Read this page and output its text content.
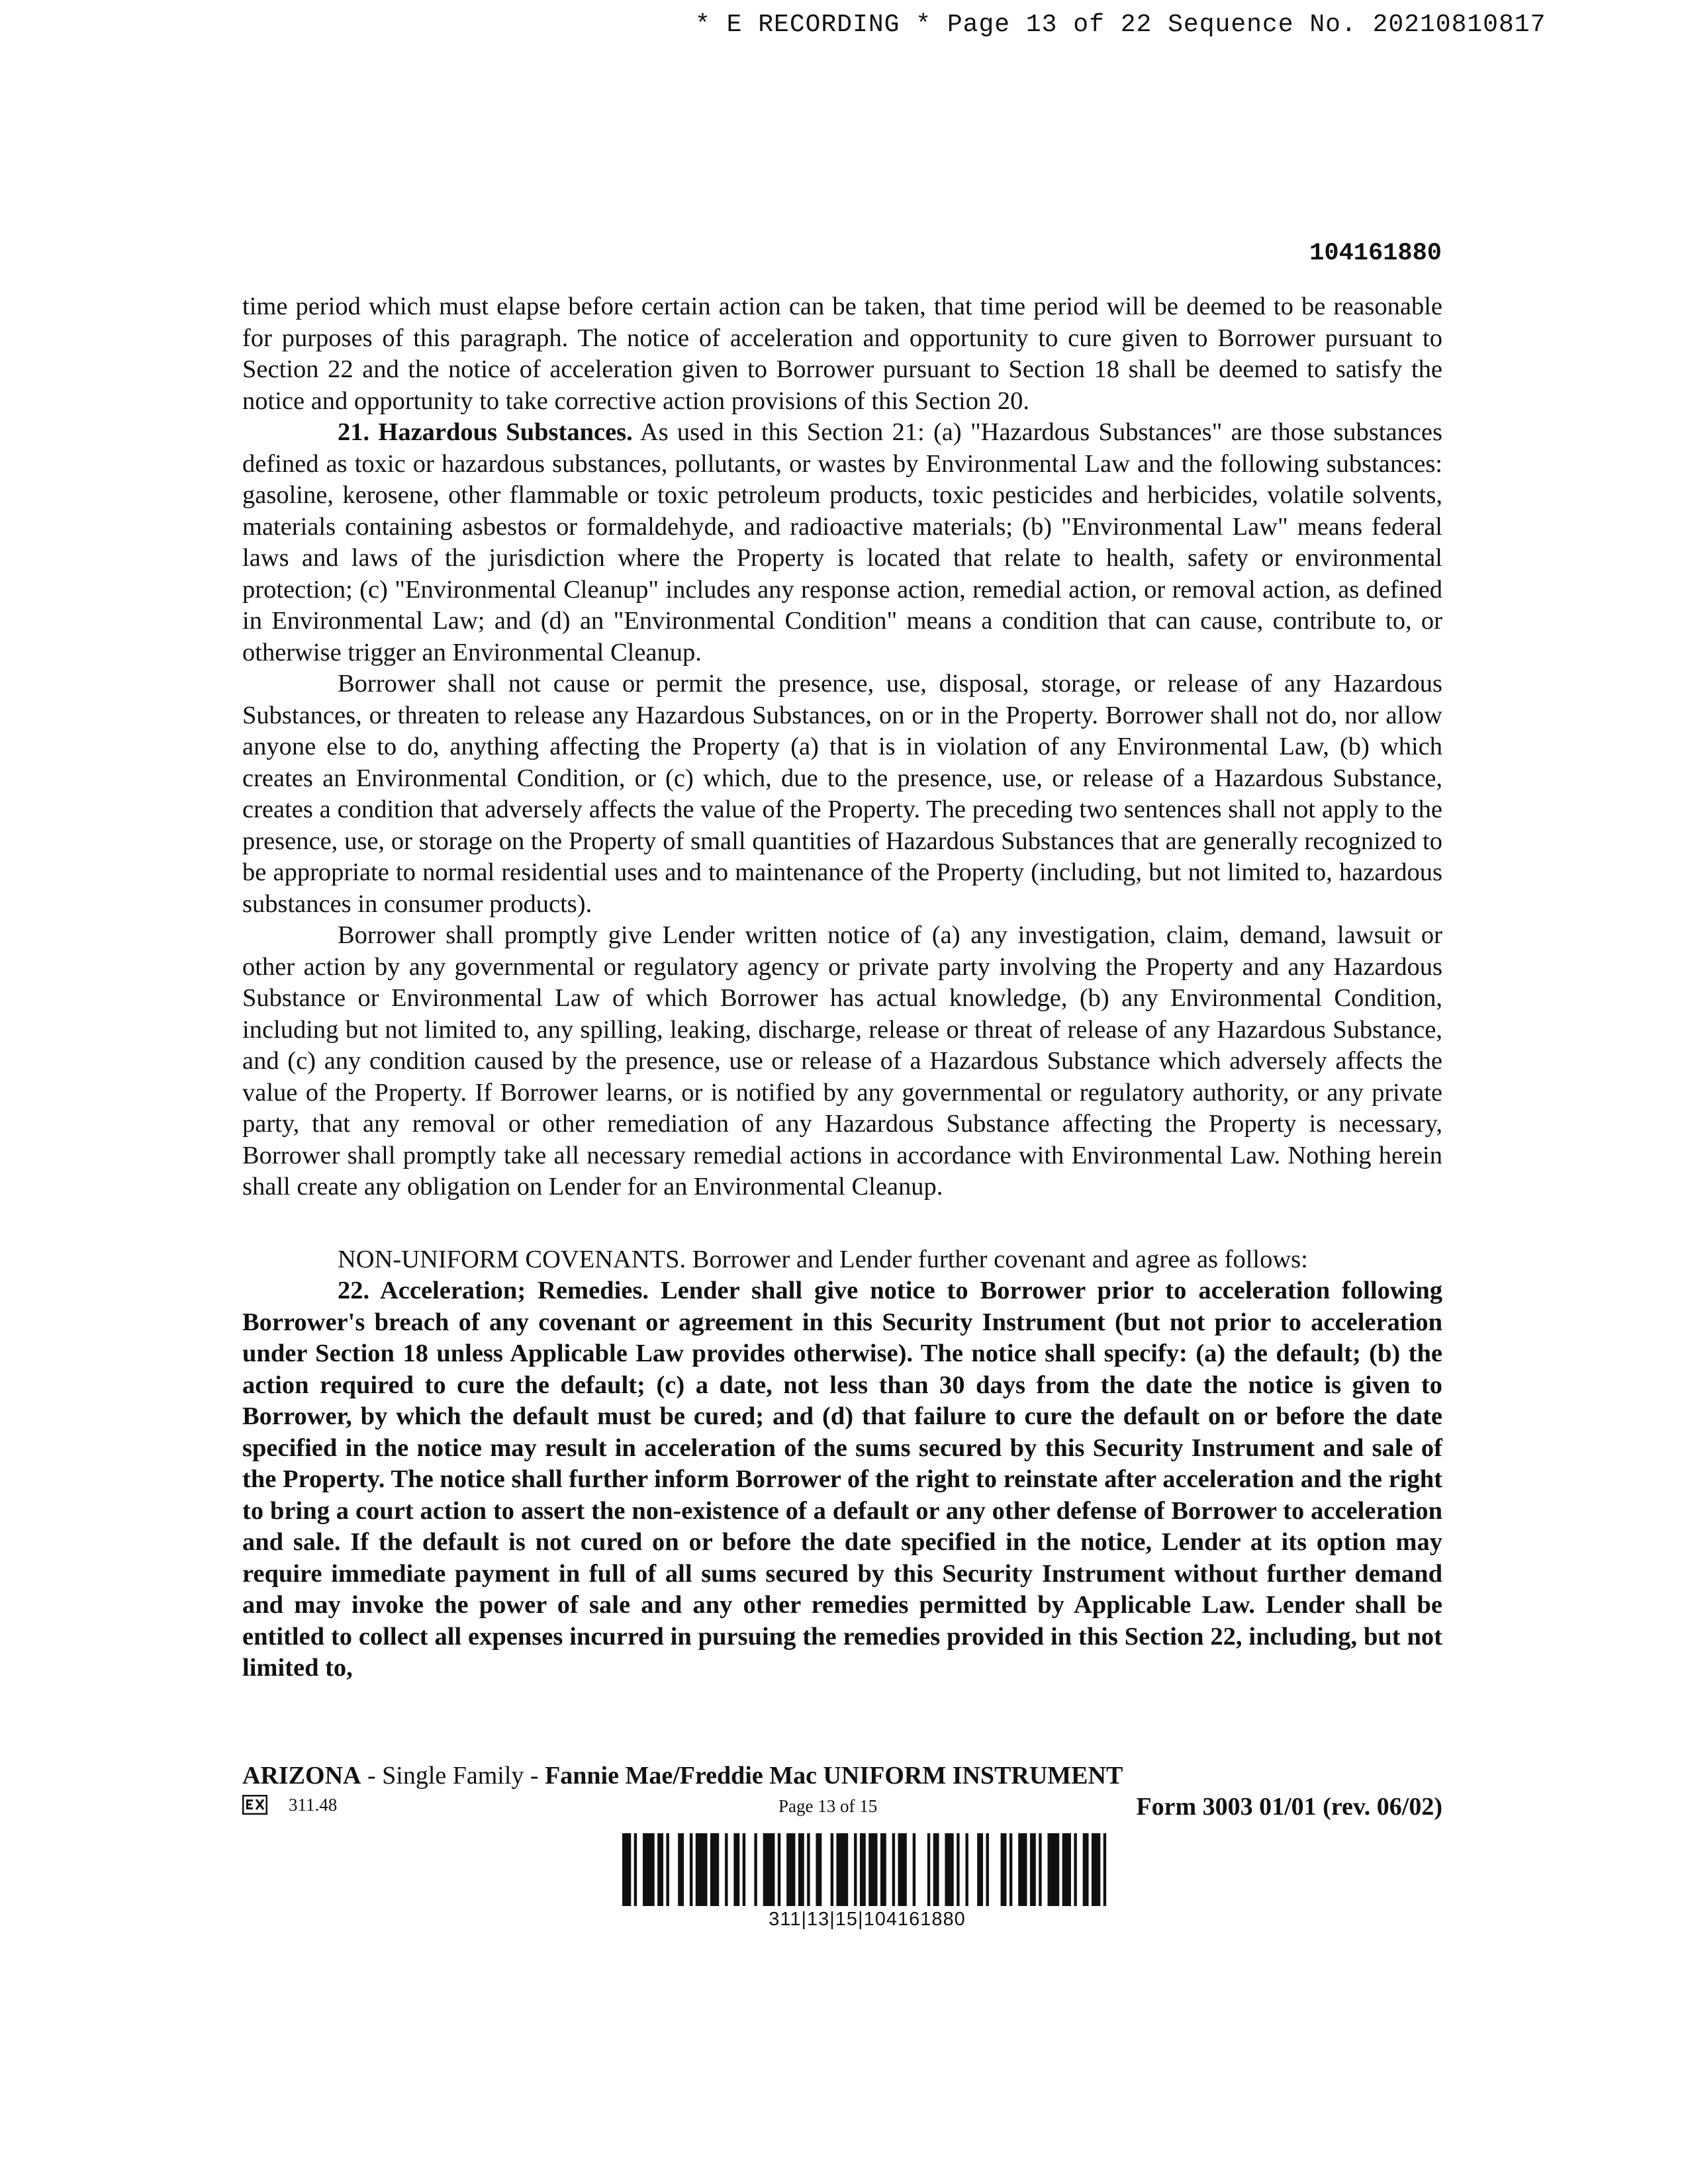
* E RECORDING * Page 13 of 22 Sequence No. 20210810817
104161880

time period which must elapse before certain action can be taken, that time period will be deemed to be reasonable for purposes of this paragraph. The notice of acceleration and opportunity to cure given to Borrower pursuant to Section 22 and the notice of acceleration given to Borrower pursuant to Section 18 shall be deemed to satisfy the notice and opportunity to take corrective action provisions of this Section 20.

21. Hazardous Substances. As used in this Section 21: (a) "Hazardous Substances" are those substances defined as toxic or hazardous substances, pollutants, or wastes by Environmental Law and the following substances: gasoline, kerosene, other flammable or toxic petroleum products, toxic pesticides and herbicides, volatile solvents, materials containing asbestos or formaldehyde, and radioactive materials; (b) "Environmental Law" means federal laws and laws of the jurisdiction where the Property is located that relate to health, safety or environmental protection; (c) "Environmental Cleanup" includes any response action, remedial action, or removal action, as defined in Environmental Law; and (d) an "Environmental Condition" means a condition that can cause, contribute to, or otherwise trigger an Environmental Cleanup.

Borrower shall not cause or permit the presence, use, disposal, storage, or release of any Hazardous Substances, or threaten to release any Hazardous Substances, on or in the Property. Borrower shall not do, nor allow anyone else to do, anything affecting the Property (a) that is in violation of any Environmental Law, (b) which creates an Environmental Condition, or (c) which, due to the presence, use, or release of a Hazardous Substance, creates a condition that adversely affects the value of the Property. The preceding two sentences shall not apply to the presence, use, or storage on the Property of small quantities of Hazardous Substances that are generally recognized to be appropriate to normal residential uses and to maintenance of the Property (including, but not limited to, hazardous substances in consumer products).

Borrower shall promptly give Lender written notice of (a) any investigation, claim, demand, lawsuit or other action by any governmental or regulatory agency or private party involving the Property and any Hazardous Substance or Environmental Law of which Borrower has actual knowledge, (b) any Environmental Condition, including but not limited to, any spilling, leaking, discharge, release or threat of release of any Hazardous Substance, and (c) any condition caused by the presence, use or release of a Hazardous Substance which adversely affects the value of the Property. If Borrower learns, or is notified by any governmental or regulatory authority, or any private party, that any removal or other remediation of any Hazardous Substance affecting the Property is necessary, Borrower shall promptly take all necessary remedial actions in accordance with Environmental Law. Nothing herein shall create any obligation on Lender for an Environmental Cleanup.

NON-UNIFORM COVENANTS. Borrower and Lender further covenant and agree as follows:

22. Acceleration; Remedies. Lender shall give notice to Borrower prior to acceleration following Borrower's breach of any covenant or agreement in this Security Instrument (but not prior to acceleration under Section 18 unless Applicable Law provides otherwise). The notice shall specify: (a) the default; (b) the action required to cure the default; (c) a date, not less than 30 days from the date the notice is given to Borrower, by which the default must be cured; and (d) that failure to cure the default on or before the date specified in the notice may result in acceleration of the sums secured by this Security Instrument and sale of the Property. The notice shall further inform Borrower of the right to reinstate after acceleration and the right to bring a court action to assert the non-existence of a default or any other defense of Borrower to acceleration and sale. If the default is not cured on or before the date specified in the notice, Lender at its option may require immediate payment in full of all sums secured by this Security Instrument without further demand and may invoke the power of sale and any other remedies permitted by Applicable Law. Lender shall be entitled to collect all expenses incurred in pursuing the remedies provided in this Section 22, including, but not limited to,

ARIZONA - Single Family - Fannie Mae/Freddie Mac UNIFORM INSTRUMENT
311.48	Page 13 of 15	Form 3003 01/01 (rev. 06/02)
311|13|15|104161880
